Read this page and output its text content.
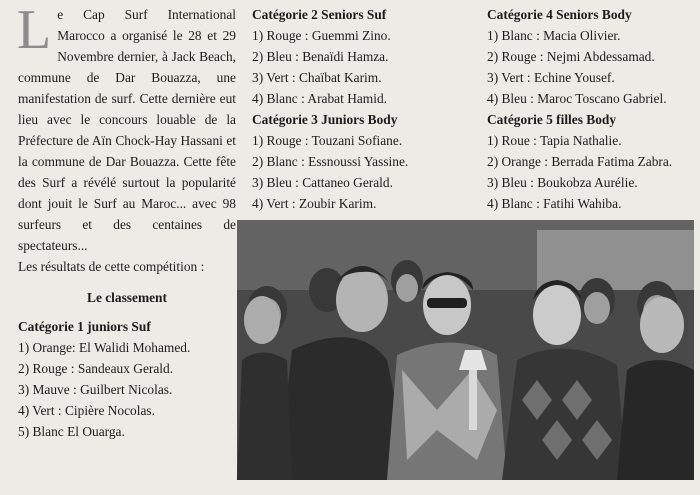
Le Cap Surf International Marocco a organisé le 28 et 29 Novembre dernier, à Jack Beach, commune de Dar Bouazza, une manifestation de surf. Cette dernière eut lieu avec le concours louable de la Préfecture de Aïn Chock-Hay Hassani et la commune de Dar Bouazza. Cette fête des Surf a révélé surtout la popularité dont jouit le Surf au Maroc... avec 98 surfeurs et des centaines de spectateurs...

Les résultats de cette compétition :

Le classement
Catégorie 1 juniors Suf
1) Orange: El Walidi Mohamed.
2) Rouge : Sandeaux Gerald.
3) Mauve : Guilbert Nicolas.
4) Vert : Cipière Nocolas.
5) Blanc El Ouarga.
Catégorie 2 Seniors Suf
1) Rouge : Guemmi Zino.
2) Bleu : Benaïdi Hamza.
3) Vert : Chaïbat Karim.
4) Blanc : Arabat Hamid.
Catégorie 3 Juniors Body
1) Rouge : Touzani Sofiane.
2) Blanc : Essnoussi Yassine.
3) Bleu : Cattaneo Gerald.
4) Vert : Zoubir Karim.
Catégorie 4 Seniors Body
1) Blanc : Macia Olivier.
2) Rouge : Nejmi Abdessamad.
3) Vert : Echine Yousef.
4) Bleu : Maroc Toscano Gabriel.
Catégorie 5 filles Body
1) Roue : Tapia Nathalie.
2) Orange : Berrada Fatima Zabra.
3) Bleu : Boukobza Aurélie.
4) Blanc : Fatihi Wahiba.
